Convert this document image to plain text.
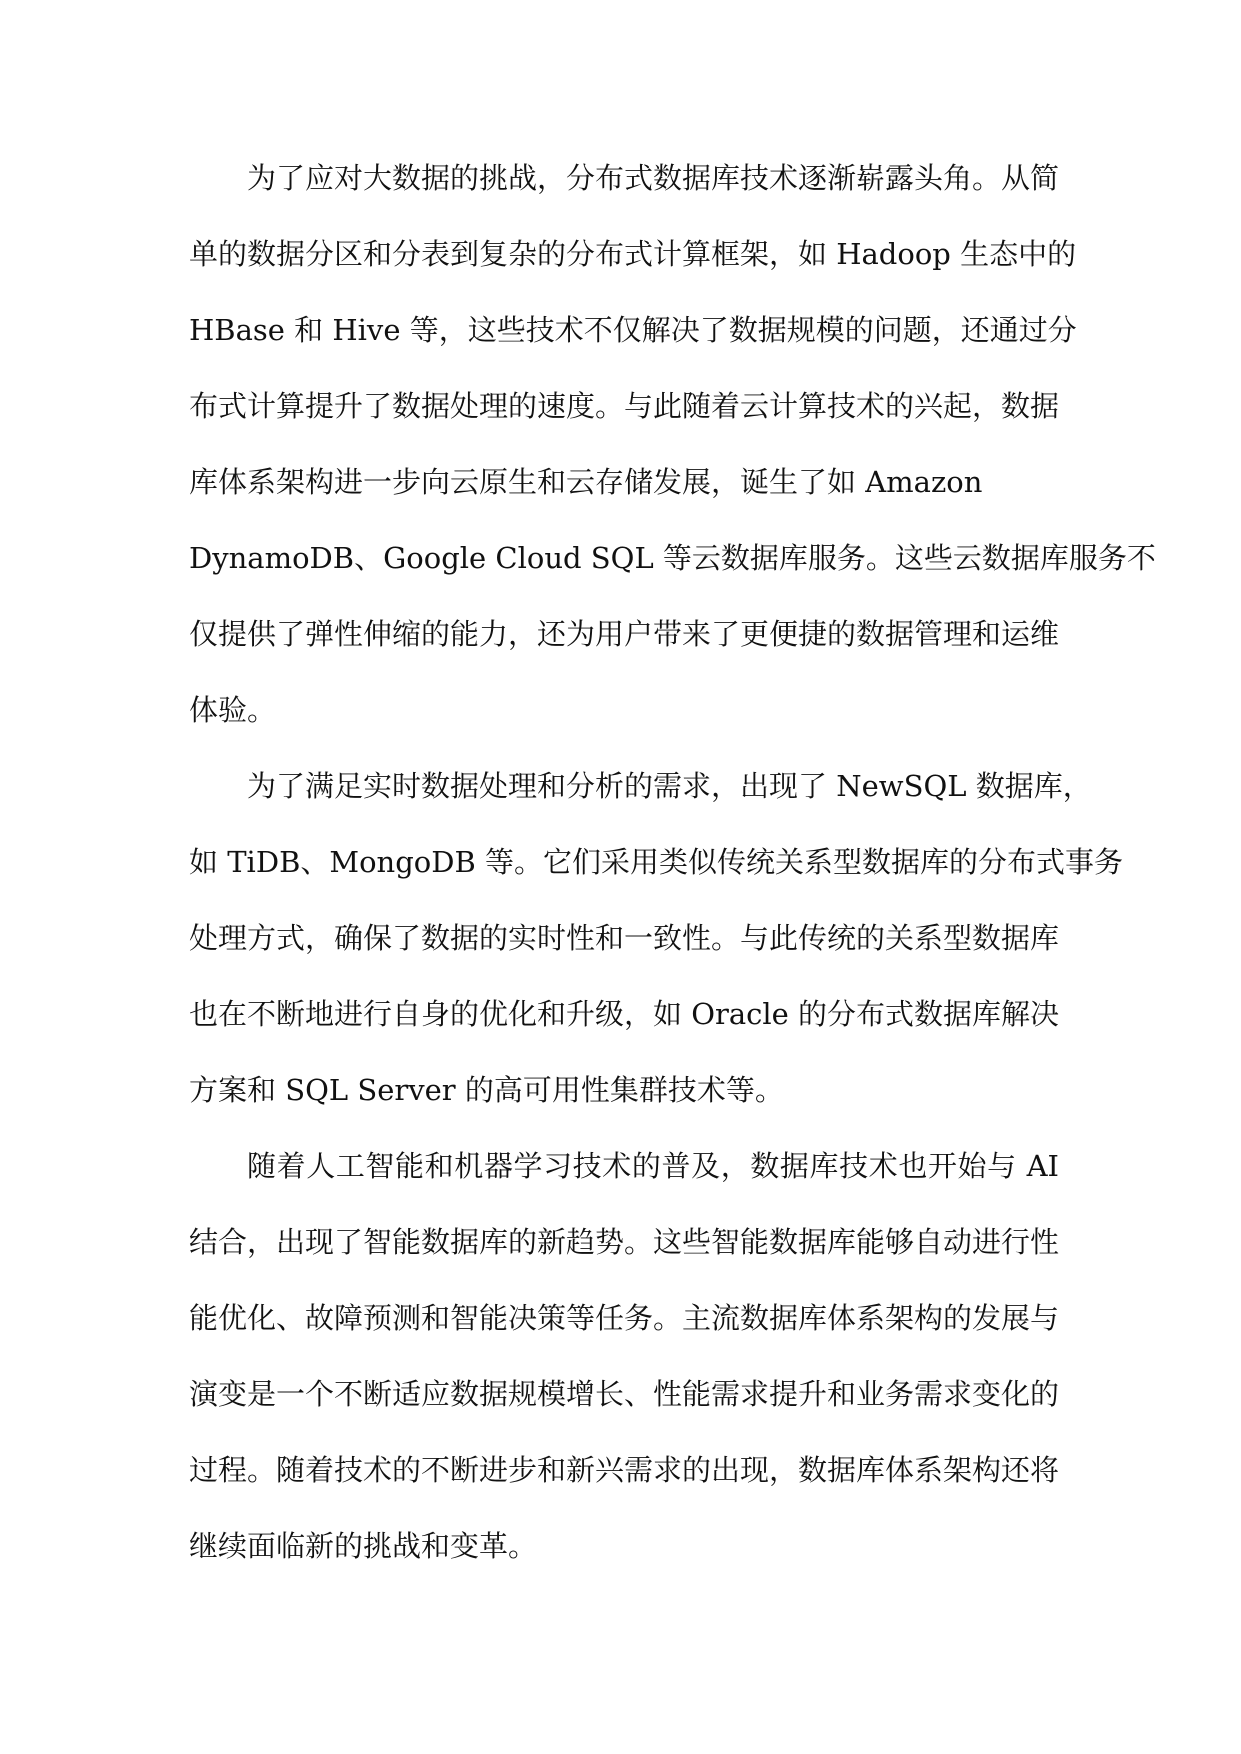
为了应对大数据的挑战，分布式数据库技术逐渐崭露头角。从简
单的数据分区和分表到复杂的分布式计算框架，如 Hadoop 生态中的
HBase 和 Hive 等，这些技术不仅解决了数据规模的问题，还通过分
布式计算提升了数据处理的速度。与此随着云计算技术的兴起，数据
库体系架构进一步向云原生和云存储发展，诞生了如 Amazon
DynamoDB、Google Cloud SQL 等云数据库服务。这些云数据库服务不
仅提供了弹性伸缩的能力，还为用户带来了更便捷的数据管理和运维
体验。
为了满足实时数据处理和分析的需求，出现了 NewSQL 数据库，
如 TiDB、MongoDB 等。它们采用类似传统关系型数据库的分布式事务
处理方式，确保了数据的实时性和一致性。与此传统的关系型数据库
也在不断地进行自身的优化和升级，如 Oracle 的分布式数据库解决
方案和 SQL Server 的高可用性集群技术等。
随着人工智能和机器学习技术的普及，数据库技术也开始与 AI
结合，出现了智能数据库的新趋势。这些智能数据库能够自动进行性
能优化、故障预测和智能决策等任务。主流数据库体系架构的发展与
演变是一个不断适应数据规模增长、性能需求提升和业务需求变化的
过程。随着技术的不断进步和新兴需求的出现，数据库体系架构还将
继续面临新的挑战和变革。
